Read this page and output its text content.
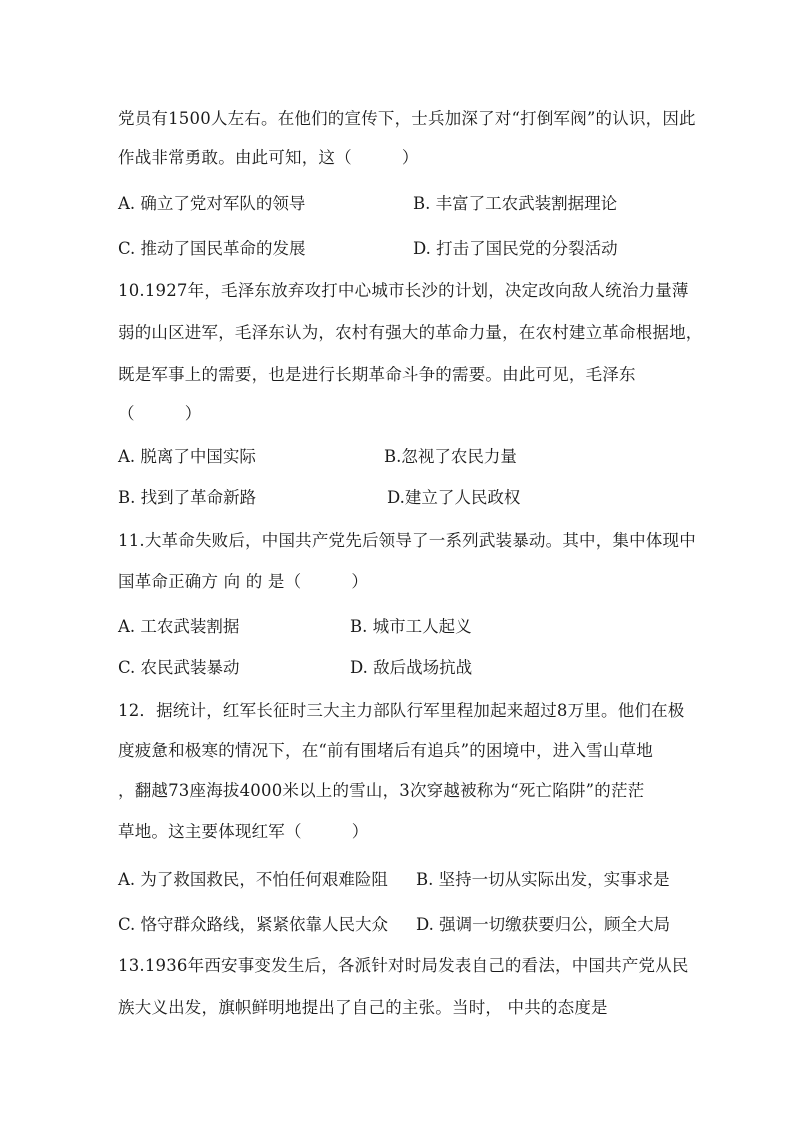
党员有1500人左右。在他们的宣传下，士兵加深了对“打倒军阀”的认识，因此
作战非常勇敢。由此可知，这（　　　）
A. 确立了党对军队的领导	B. 丰富了工农武装割据理论
C. 推动了国民革命的发展	D. 打击了国民党的分裂活动
10.1927年，毛泽东放弃攻打中心城市长沙的计划，决定改向敌人统治力量薄
弱的山区进军，毛泽东认为，农村有强大的革命力量，在农村建立革命根据地，
既是军事上的需要，也是进行长期革命斗争的需要。由此可见，毛泽东
（　　　）
A. 脱离了中国实际	B.忽视了农民力量
B. 找到了革命新路	D.建立了人民政权
11.大革命失败后，中国共产党先后领导了一系列武装暴动。其中，集中体现中
国革命正确方 向 的 是（　　　）
A. 工农武装割据	B. 城市工人起义
C. 农民武装暴动	D. 敌后战场抗战
12．据统计，红军长征时三大主力部队行军里程加起来超过8万里。他们在极
度疲惫和极寒的情况下，在“前有围堵后有追兵”的困境中，进入雪山草地
，翻越73座海拔4000米以上的雪山，3次穿越被称为“死亡陷阱”的茫茫
草地。这主要体现红军（　　　）
A. 为了救国救民，不怕任何艰难险阻 B. 坚持一切从实际出发，实事求是
C. 恪守群众路线，紧紧依靠人民大众 D. 强调一切缴获要归公，顾全大局
13.1936年西安事变发生后，各派针对时局发表自己的看法，中国共产党从民
族大义出发，旗帜鲜明地提出了自己的主张。当时， 中共的态度是
